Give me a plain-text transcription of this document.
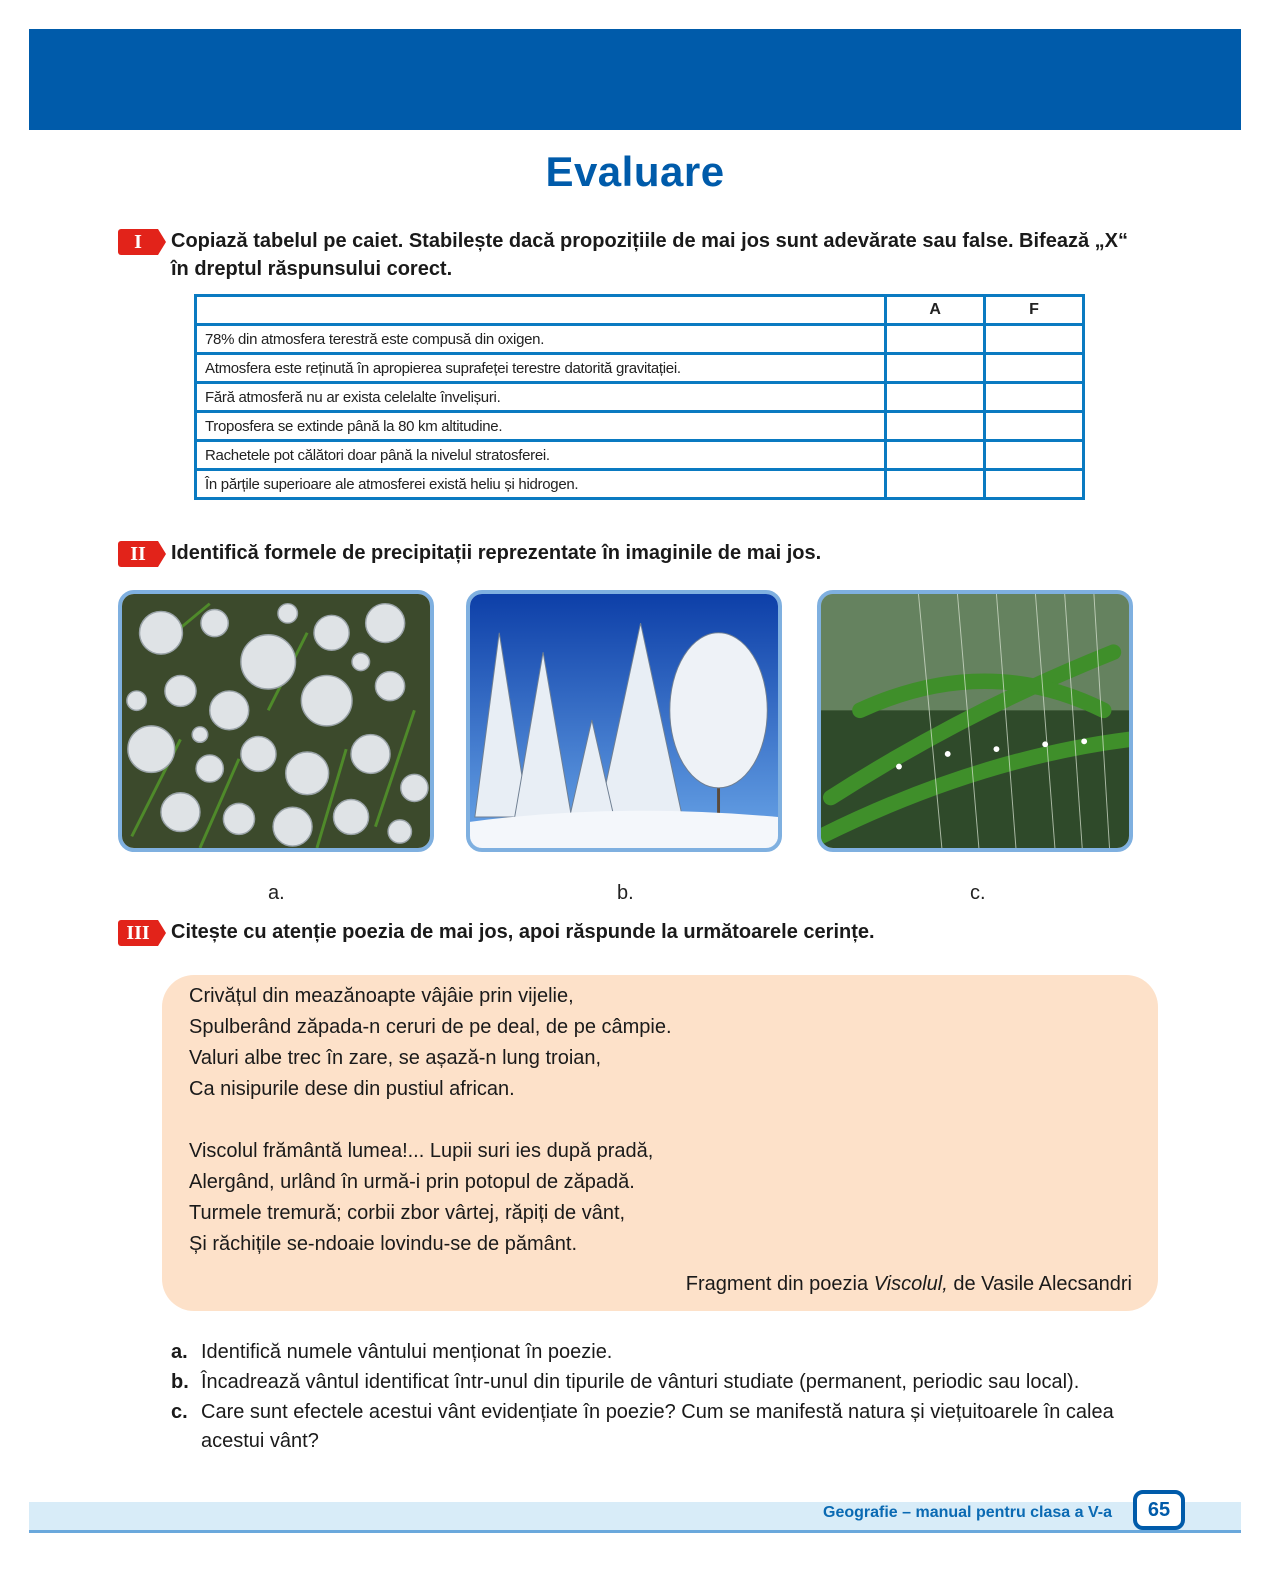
Evaluare
I	Copiază tabelul pe caiet. Stabilește dacă propozițiile de mai jos sunt adevărate sau false. Bifează „X“
în dreptul răspunsului corect.
	A	F
78% din atmosfera terestră este compusă din oxigen.		
Atmosfera este reținută în apropierea suprafeței terestre datorită gravitației.		
Fără atmosferă nu ar exista celelalte învelișuri.		
Troposfera se extinde până la 80 km altitudine.		
Rachetele pot călători doar până la nivelul stratosferei.		
În părțile superioare ale atmosferei există heliu și hidrogen.		
II	Identifică formele de precipitații reprezentate în imaginile de mai jos.
a.	b.	c.
III	Citește cu atenție poezia de mai jos, apoi răspunde la următoarele cerințe.
Crivățul din meazănoapte vâjâie prin vijelie,
Spulberând zăpada-n ceruri de pe deal, de pe câmpie.
Valuri albe trec în zare, se așază-n lung troian,
Ca nisipurile dese din pustiul african.
Viscolul frământă lumea!... Lupii suri ies după pradă,
Alergând, urlând în urmă-i prin potopul de zăpadă.
Turmele tremură; corbii zbor vârtej, răpiți de vânt,
Și răchițile se-ndoaie lovindu-se de pământ.
Fragment din poezia Viscolul, de Vasile Alecsandri
a. Identifică numele vântului menționat în poezie.
b. Încadrează vântul identificat într-unul din tipurile de vânturi studiate (permanent, periodic sau local).
c. Care sunt efectele acestui vânt evidențiate în poezie? Cum se manifestă natura și viețuitoarele în calea
acestui vânt?
Geografie – manual pentru clasa a V-a	65
